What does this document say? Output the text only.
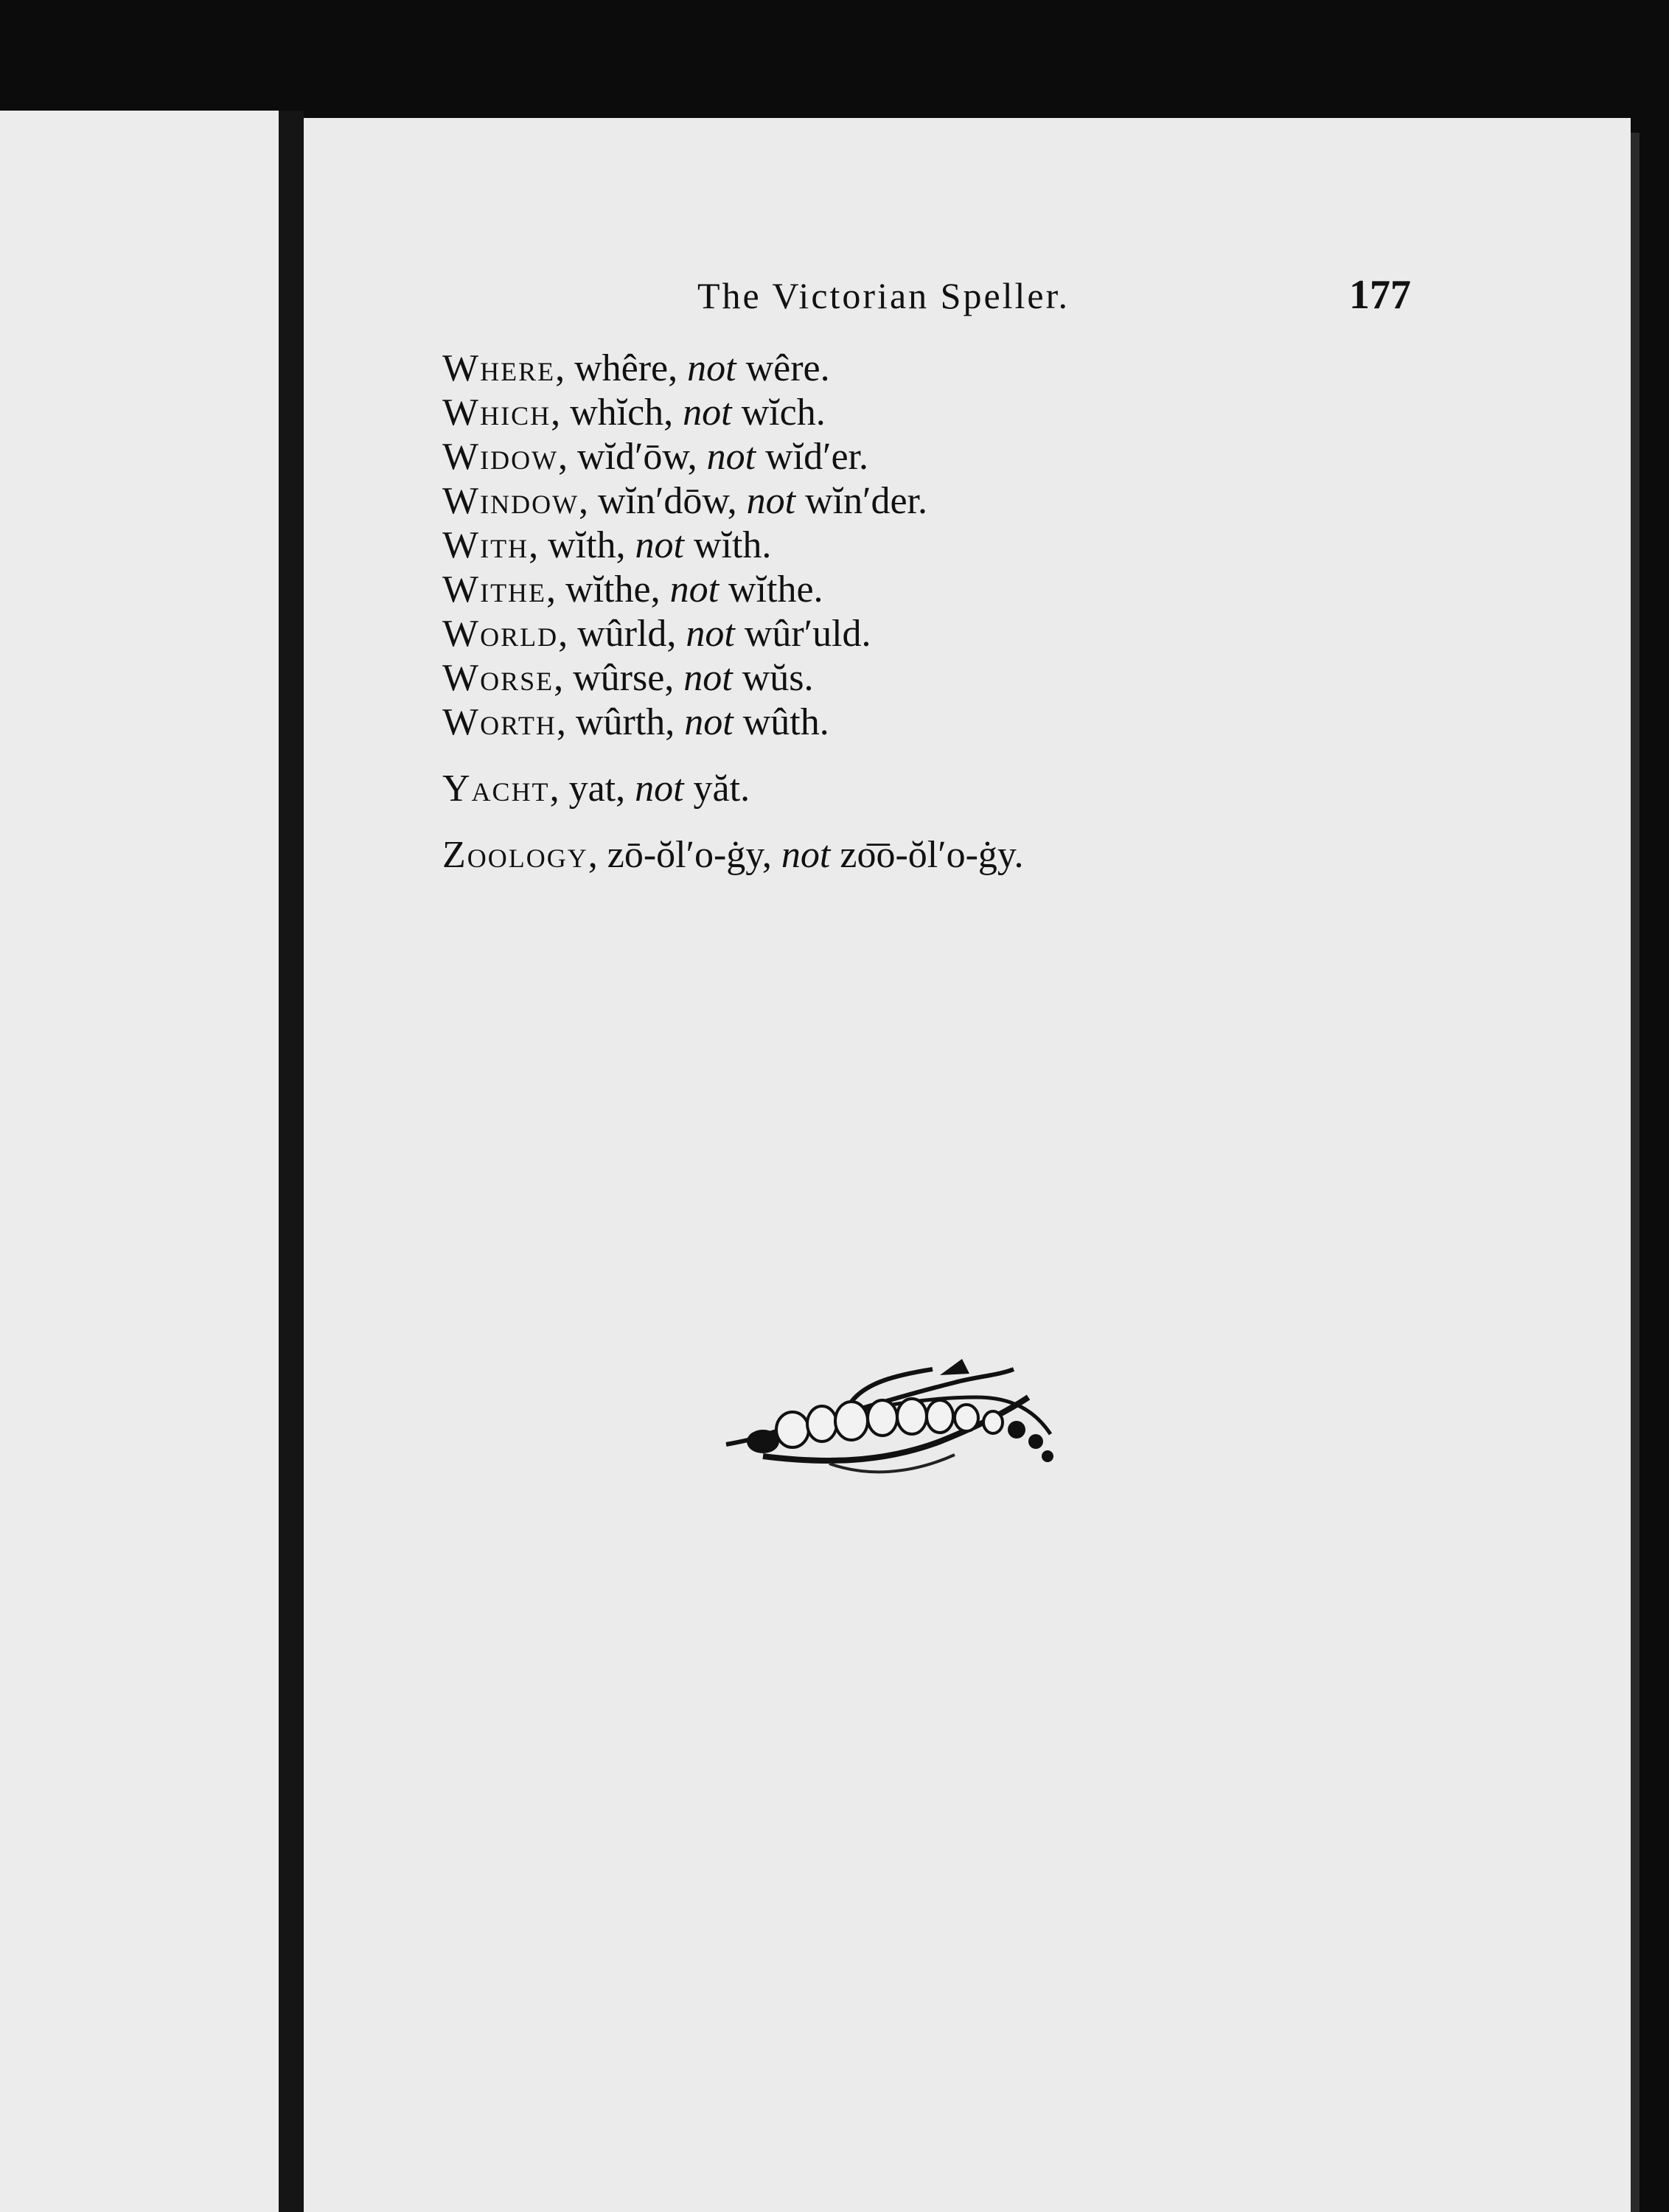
The Victorian Speller.	177
Where, whêre, not wêre.
Which, whĭch, not wĭch.
Widow, wĭd′ōw, not wĭd′er.
Window, wĭn′dōw, not wĭn′der.
With, wĭth, not wĭth.
Withe, wĭthe, not wĭthe.
World, wûrld, not wûr′uld.
Worse, wûrse, not wŭs.
Worth, wûrth, not wûth.
Yacht, yat, not yăt.
Zoology, zō-ŏl′o-ġy, not zo͞o-ŏl′o-ġy.
